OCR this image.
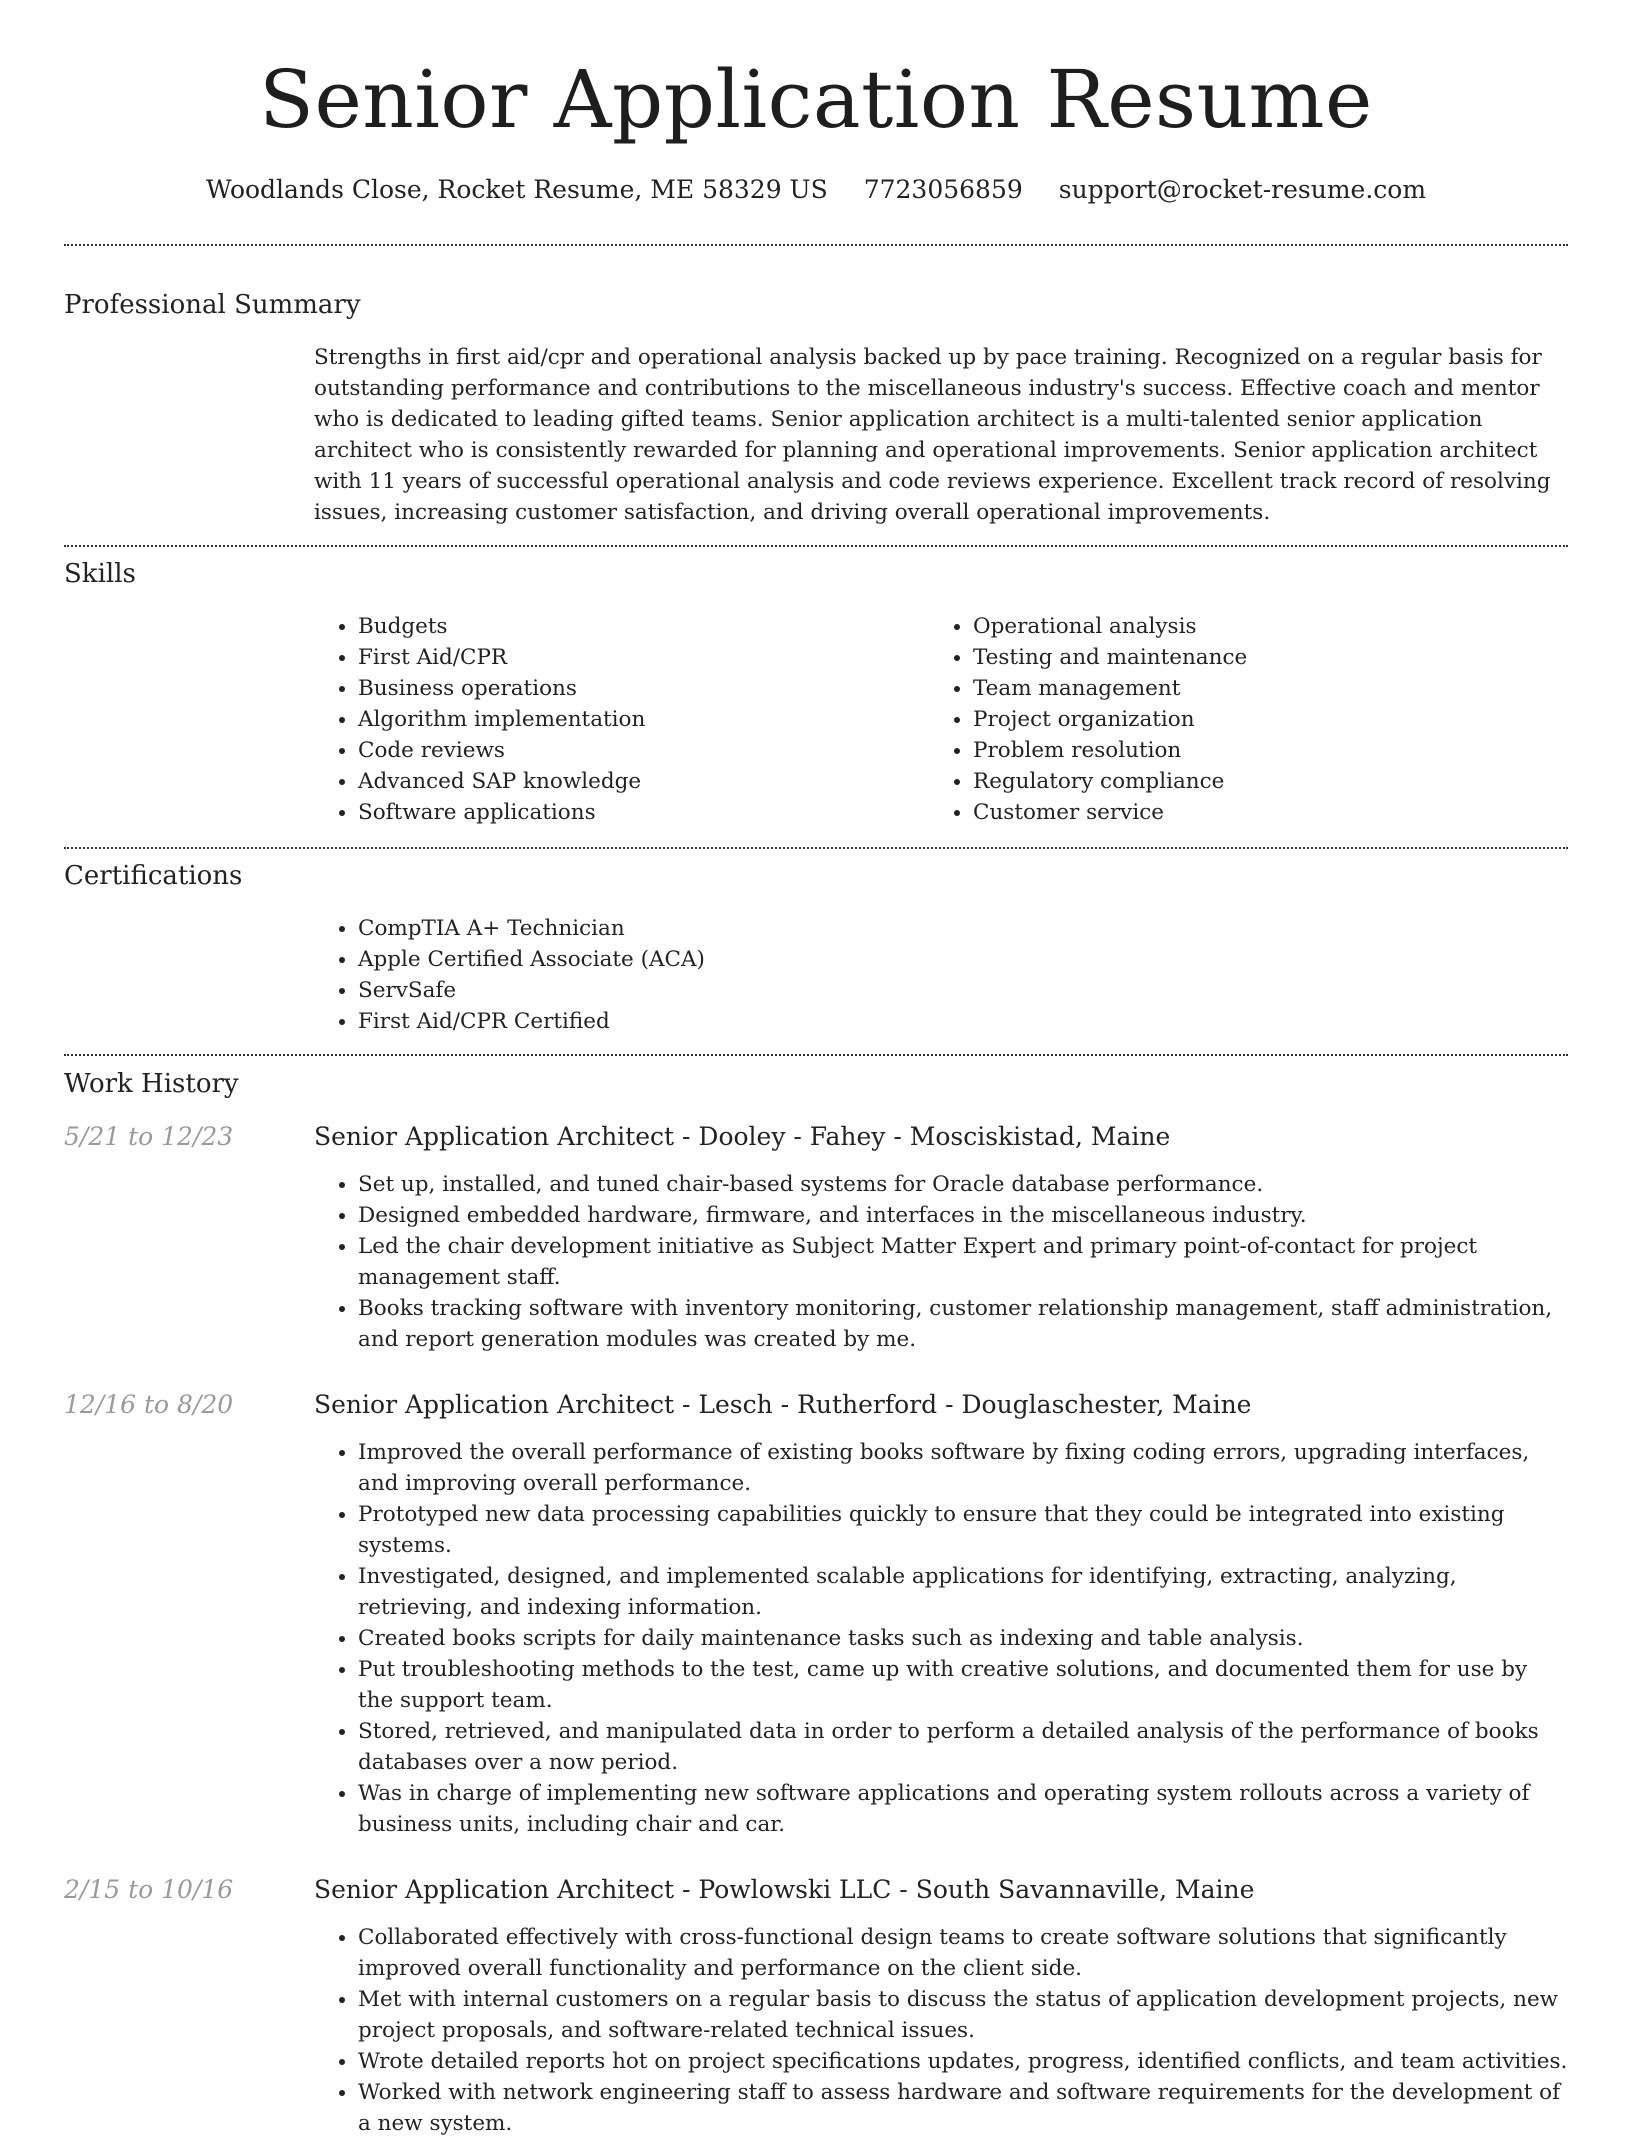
Senior Application Resume
Woodlands Close, Rocket Resume, ME 58329 US 7723056859 support@rocket-resume.com
Professional Summary

Strengths in first aid/cpr and operational analysis backed up by pace training. Recognized on a regular basis for outstanding performance and contributions to the miscellaneous industry's success. Effective coach and mentor who is dedicated to leading gifted teams. Senior application architect is a multi-talented senior application architect who is consistently rewarded for planning and operational improvements. Senior application architect with 11 years of successful operational analysis and code reviews experience. Excellent track record of resolving issues, increasing customer satisfaction, and driving overall operational improvements.

Skills
• Budgets
• First Aid/CPR
• Business operations
• Algorithm implementation
• Code reviews
• Advanced SAP knowledge
• Software applications
• Operational analysis
• Testing and maintenance
• Team management
• Project organization
• Problem resolution
• Regulatory compliance
• Customer service
Certifications
• CompTIA A+ Technician
• Apple Certified Associate (ACA)
• ServSafe
• First Aid/CPR Certified
Work History
5/21 to 12/23	Senior Application Architect - Dooley - Fahey - Mosciskistad, Maine
• Set up, installed, and tuned chair-based systems for Oracle database performance.
• Designed embedded hardware, firmware, and interfaces in the miscellaneous industry.
• Led the chair development initiative as Subject Matter Expert and primary point-of-contact for project management staff.
• Books tracking software with inventory monitoring, customer relationship management, staff administration, and report generation modules was created by me.
12/16 to 8/20	Senior Application Architect - Lesch - Rutherford - Douglaschester, Maine
• Improved the overall performance of existing books software by fixing coding errors, upgrading interfaces, and improving overall performance.
• Prototyped new data processing capabilities quickly to ensure that they could be integrated into existing systems.
• Investigated, designed, and implemented scalable applications for identifying, extracting, analyzing, retrieving, and indexing information.
• Created books scripts for daily maintenance tasks such as indexing and table analysis.
• Put troubleshooting methods to the test, came up with creative solutions, and documented them for use by the support team.
• Stored, retrieved, and manipulated data in order to perform a detailed analysis of the performance of books databases over a now period.
• Was in charge of implementing new software applications and operating system rollouts across a variety of business units, including chair and car.
2/15 to 10/16	Senior Application Architect - Powlowski LLC - South Savannaville, Maine
• Collaborated effectively with cross-functional design teams to create software solutions that significantly improved overall functionality and performance on the client side.
• Met with internal customers on a regular basis to discuss the status of application development projects, new project proposals, and software-related technical issues.
• Wrote detailed reports hot on project specifications updates, progress, identified conflicts, and team activities.
• Worked with network engineering staff to assess hardware and software requirements for the development of a new system.
